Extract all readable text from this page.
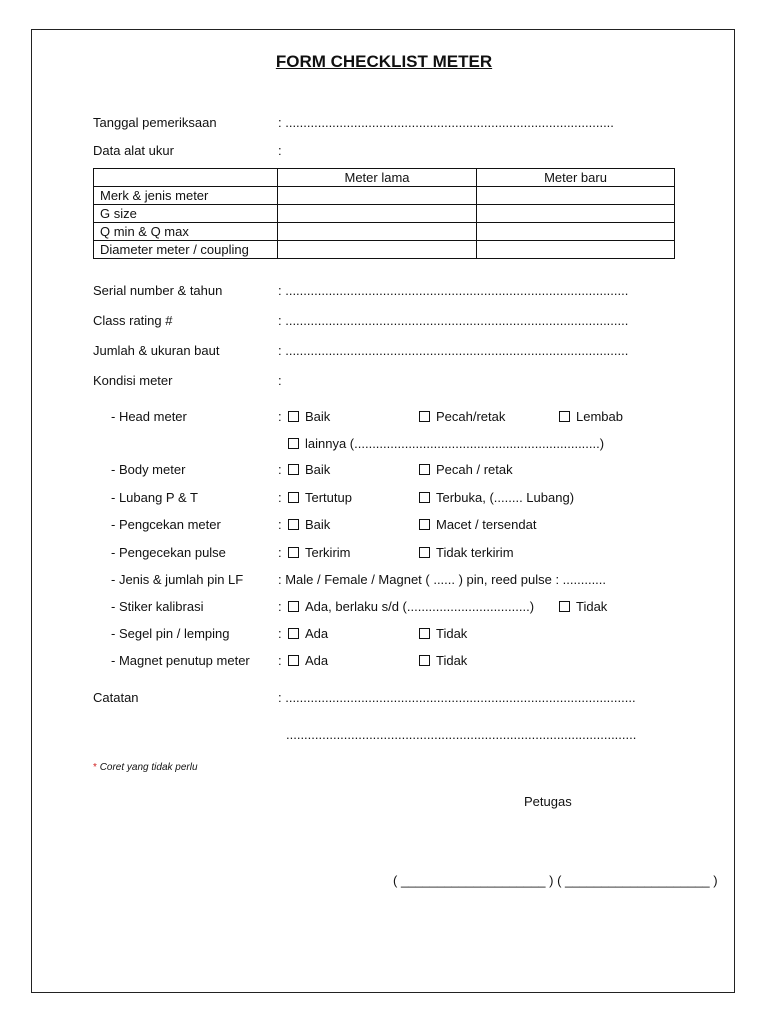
FORM CHECKLIST METER
Tanggal pemeriksaan	: ...........................................................................................
Data alat ukur	:
	Meter lama	Meter baru
Merk & jenis meter		
G size		
Q min & Q max		
Diameter meter / coupling		
Serial number & tahun	: ...............................................................................................
Class rating #	: ...............................................................................................
Jumlah & ukuran baut	: ...............................................................................................
Kondisi meter	:
- Head meter	:	Baik	Pecah/retak	Lembab
lainnya (....................................................................)
- Body meter	:	Baik	Pecah / retak
- Lubang P & T	:	Tertutup	Terbuka, (........ Lubang)
- Pengcekan meter	:	Baik	Macet / tersendat
- Pengecekan pulse	:	Terkirim	Tidak terkirim
- Jenis & jumlah pin LF	: Male / Female / Magnet ( ...... ) pin, reed pulse : ............
- Stiker kalibrasi	:	Ada, berlaku s/d (..................................)	Tidak
- Segel pin / lemping	:	Ada	Tidak
- Magnet penutup meter :	Ada	Tidak
Catatan	: .................................................................................................
.................................................................................................
* Coret yang tidak perlu
Petugas
( ____________________ ) ( ____________________ )
